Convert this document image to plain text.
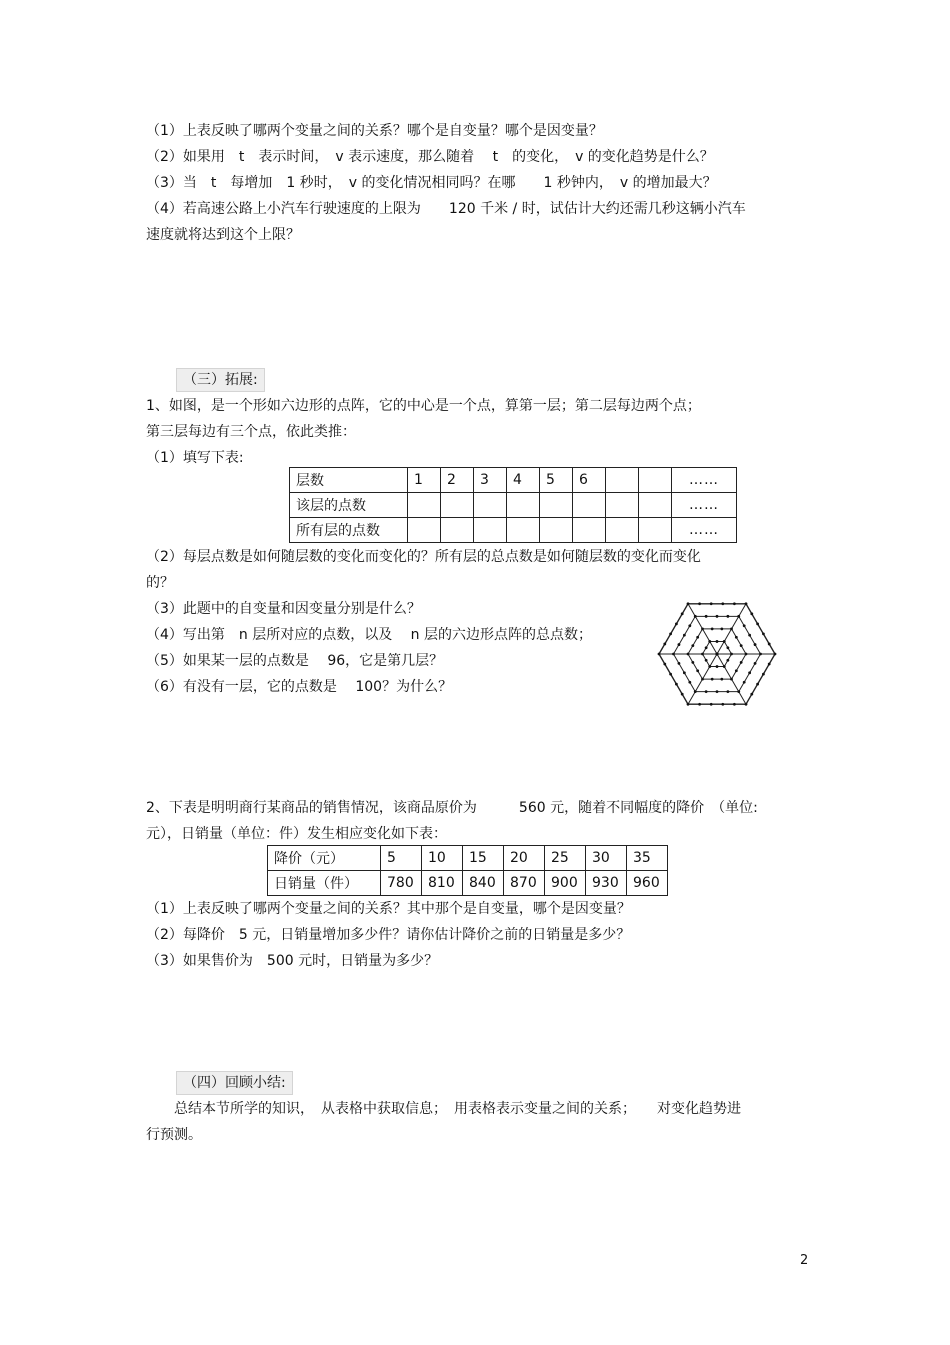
（1）上表反映了哪两个变量之间的关系？哪个是自变量？哪个是因变量？
（2）如果用　t　表示时间，　v 表示速度，那么随着　 t　的变化，　v 的变化趋势是什么？
（3）当　t　每增加　1 秒时，　v 的变化情况相同吗？在哪　　1 秒钟内，　v 的增加最大？
（4）若高速公路上小汽车行驶速度的上限为　　120 千米 / 时，试估计大约还需几秒这辆小汽车
速度就将达到这个上限？
（三）拓展:
1、如图，是一个形如六边形的点阵，它的中心是一个点，算第一层；第二层每边两个点；
第三层每边有三个点，依此类推：
（1）填写下表:
层数	1	2	3	4	5	6			……
该层的点数									……
所有层的点数									……
（2）每层点数是如何随层数的变化而变化的？所有层的总点数是如何随层数的变化而变化
的？
（3）此题中的自变量和因变量分别是什么？
（4）写出第　n 层所对应的点数，以及　 n 层的六边形点阵的总点数；
（5）如果某一层的点数是　 96，它是第几层？
（6）有没有一层，它的点数是　 100？为什么？
2、下表是明明商行某商品的销售情况，该商品原价为　　　560 元，随着不同幅度的降价　（单位:
元），日销量（单位：件）发生相应变化如下表：
降价（元）	5	10	15	20	25	30	35
日销量（件）	780	810	840	870	900	930	960
（1）上表反映了哪两个变量之间的关系？其中那个是自变量，哪个是因变量？
（2）每降价　5 元，日销量增加多少件？请你估计降价之前的日销量是多少？
（3）如果售价为　500 元时，日销量为多少？
（四）回顾小结:
　　总结本节所学的知识，　从表格中获取信息；　用表格表示变量之间的关系；　　对变化趋势进
行预测。
2
